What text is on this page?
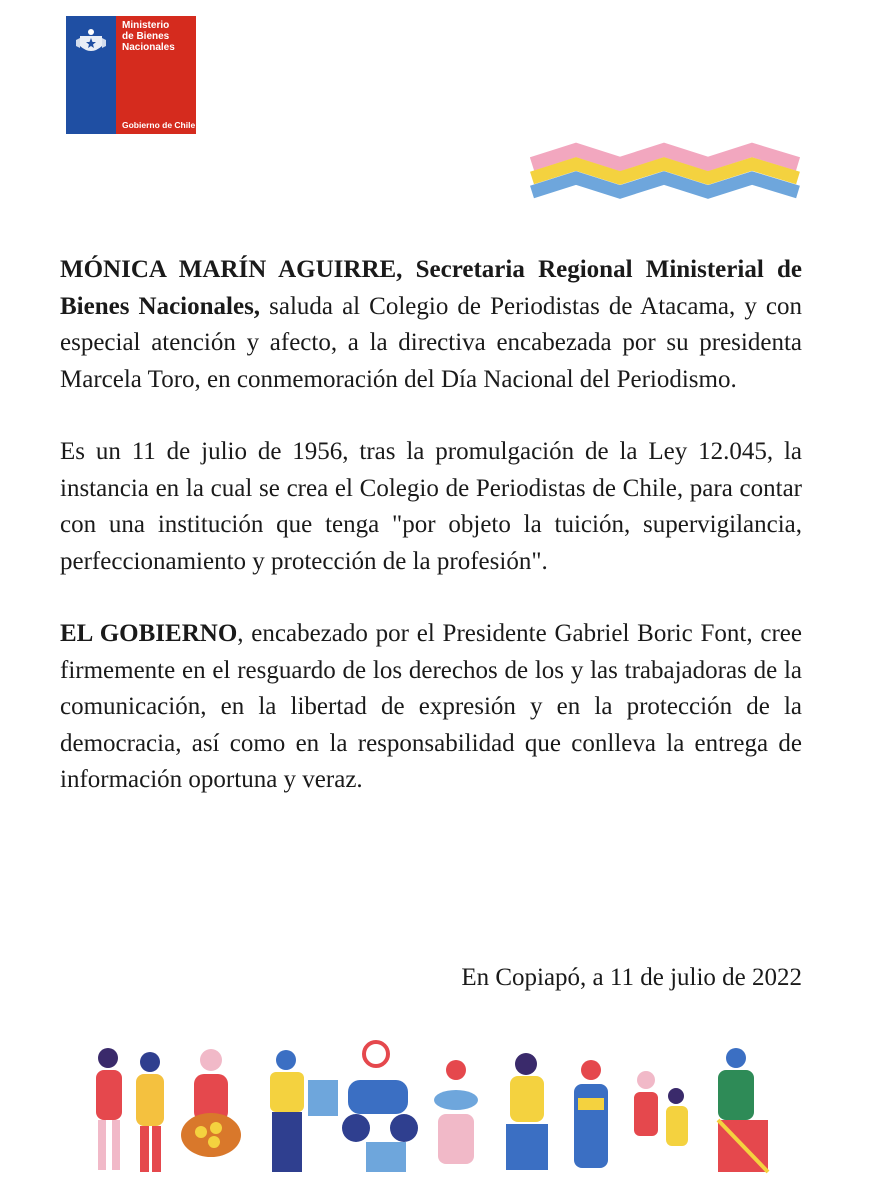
Ministerio
de Bienes
Nacionales
Gobierno de Chile

MÓNICA MARÍN AGUIRRE, Secretaria Regional Ministerial de Bienes Nacionales, saluda al Colegio de Periodistas de Atacama, y con especial atención y afecto, a la directiva encabezada por su presidenta Marcela Toro, en conmemoración del Día Nacional del Periodismo.

Es un 11 de julio de 1956, tras la promulgación de la Ley 12.045, la instancia en la cual se crea el Colegio de Periodistas de Chile, para contar con una institución que tenga "por objeto la tuición, supervigilancia, perfeccionamiento y protección de la profesión".

EL GOBIERNO, encabezado por el Presidente Gabriel Boric Font, cree firmemente en el resguardo de los derechos de los y las trabajadoras de la comunicación, en la libertad de expresión y en la protección de la democracia, así como en la responsabilidad que conlleva la entrega de información oportuna y veraz.

En Copiapó, a 11 de julio de 2022
